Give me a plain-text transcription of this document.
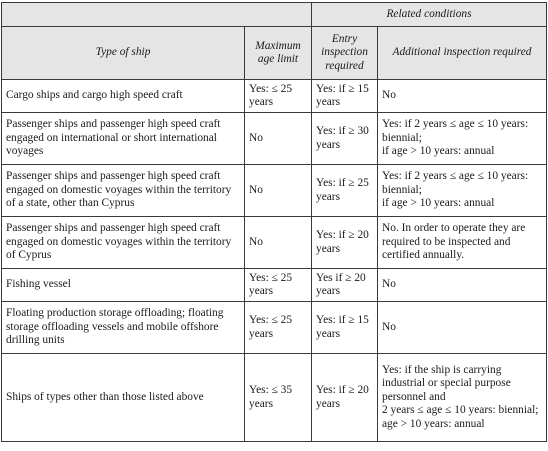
		Related conditions	
Type of ship	Maximum age limit	Entry inspection required	Additional inspection required
Cargo ships and cargo high speed craft	Yes: ≤ 25 years	Yes: if ≥ 15 years	No

Passenger ships and passenger high speed craft engaged on international or short international voyages	No	Yes: if ≥ 30 years	Yes: if 2 years ≤ age ≤ 10 years: biennial;
if age > 10 years: annual

Passenger ships and passenger high speed craft engaged on domestic voyages within the territory of a state, other than Cyprus	No	Yes: if ≥ 25 years	Yes: if 2 years ≤ age ≤ 10 years: biennial;
if age > 10 years: annual

Passenger ships and passenger high speed craft engaged on domestic voyages within the territory of Cyprus	No	Yes: if ≥ 20 years	No. In order to operate they are required to be inspected and certified annually.

Fishing vessel	Yes: ≤ 25 years	Yes if ≥ 20 years	No

Floating production storage offloading; floating storage offloading vessels and mobile offshore drilling units	Yes: ≤ 25 years	Yes: if ≥ 15 years	No

Ships of types other than those listed above	Yes: ≤ 35 years	Yes: if ≥ 20 years	Yes: if the ship is carrying industrial or special purpose personnel and
2 years ≤ age ≤ 10 years: biennial;
age > 10 years: annual
